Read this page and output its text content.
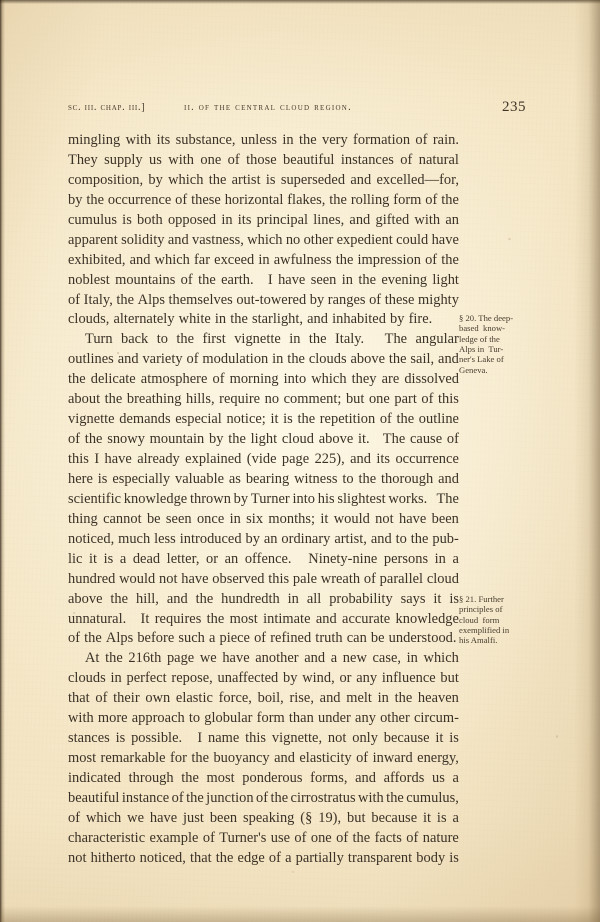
sc. iii. chap. iii.]	ii. of the central cloud region.	235
mingling with its substance, unless in the very formation of rain.
They supply us with one of those beautiful instances of natural
composition, by which the artist is superseded and excelled—for,
by the occurrence of these horizontal flakes, the rolling form of the
cumulus is both opposed in its principal lines, and gifted with an
apparent solidity and vastness, which no other expedient could have
exhibited, and which far exceed in awfulness the impression of the
noblest mountains of the earth.
I have seen in the evening light
of Italy, the Alps themselves out-towered by ranges of these mighty
clouds, alternately white in the starlight, and inhabited by fire.
Turn back to the first vignette in the Italy.
The angular
outlines and variety of modulation in the clouds above the sail, and
the delicate atmosphere of morning into which they are dissolved
about the breathing hills, require no comment; but one part of this
vignette demands especial notice; it is the repetition of the outline
of the snowy mountain by the light cloud above it.
The cause of
this I have already explained (vide page 225), and its occurrence
here is especially valuable as bearing witness to the thorough and
scientific knowledge thrown by Turner into his slightest works.
The
thing cannot be seen once in six months; it would not have been
noticed, much less introduced by an ordinary artist, and to the pub-
lic it is a dead letter, or an offence.
Ninety-nine persons in a
hundred would not have observed this pale wreath of parallel cloud
above the hill, and the hundredth in all probability says it is
unnatural.
It requires the most intimate and accurate knowledge
of the Alps before such a piece of refined truth can be understood.
At the 216th page we have another and a new case, in which
clouds in perfect repose, unaffected by wind, or any influence but
that of their own elastic force, boil, rise, and melt in the heaven
with more approach to globular form than under any other circum-
stances is possible.
I name this vignette, not only because it is
most remarkable for the buoyancy and elasticity of inward energy,
indicated through the most ponderous forms, and affords us a
beautiful instance of the junction of the cirrostratus with the cumulus,
of which we have just been speaking (§ 19), but because it is a
characteristic example of Turner's use of one of the facts of nature
not hitherto noticed, that the edge of a partially transparent body is
§ 20. The deep-
based  know-
ledge of the
Alps in  Tur-
ner's Lake of
Geneva.
§ 21. Further
principles of
cloud  form
exemplified in
his Amalfi.
